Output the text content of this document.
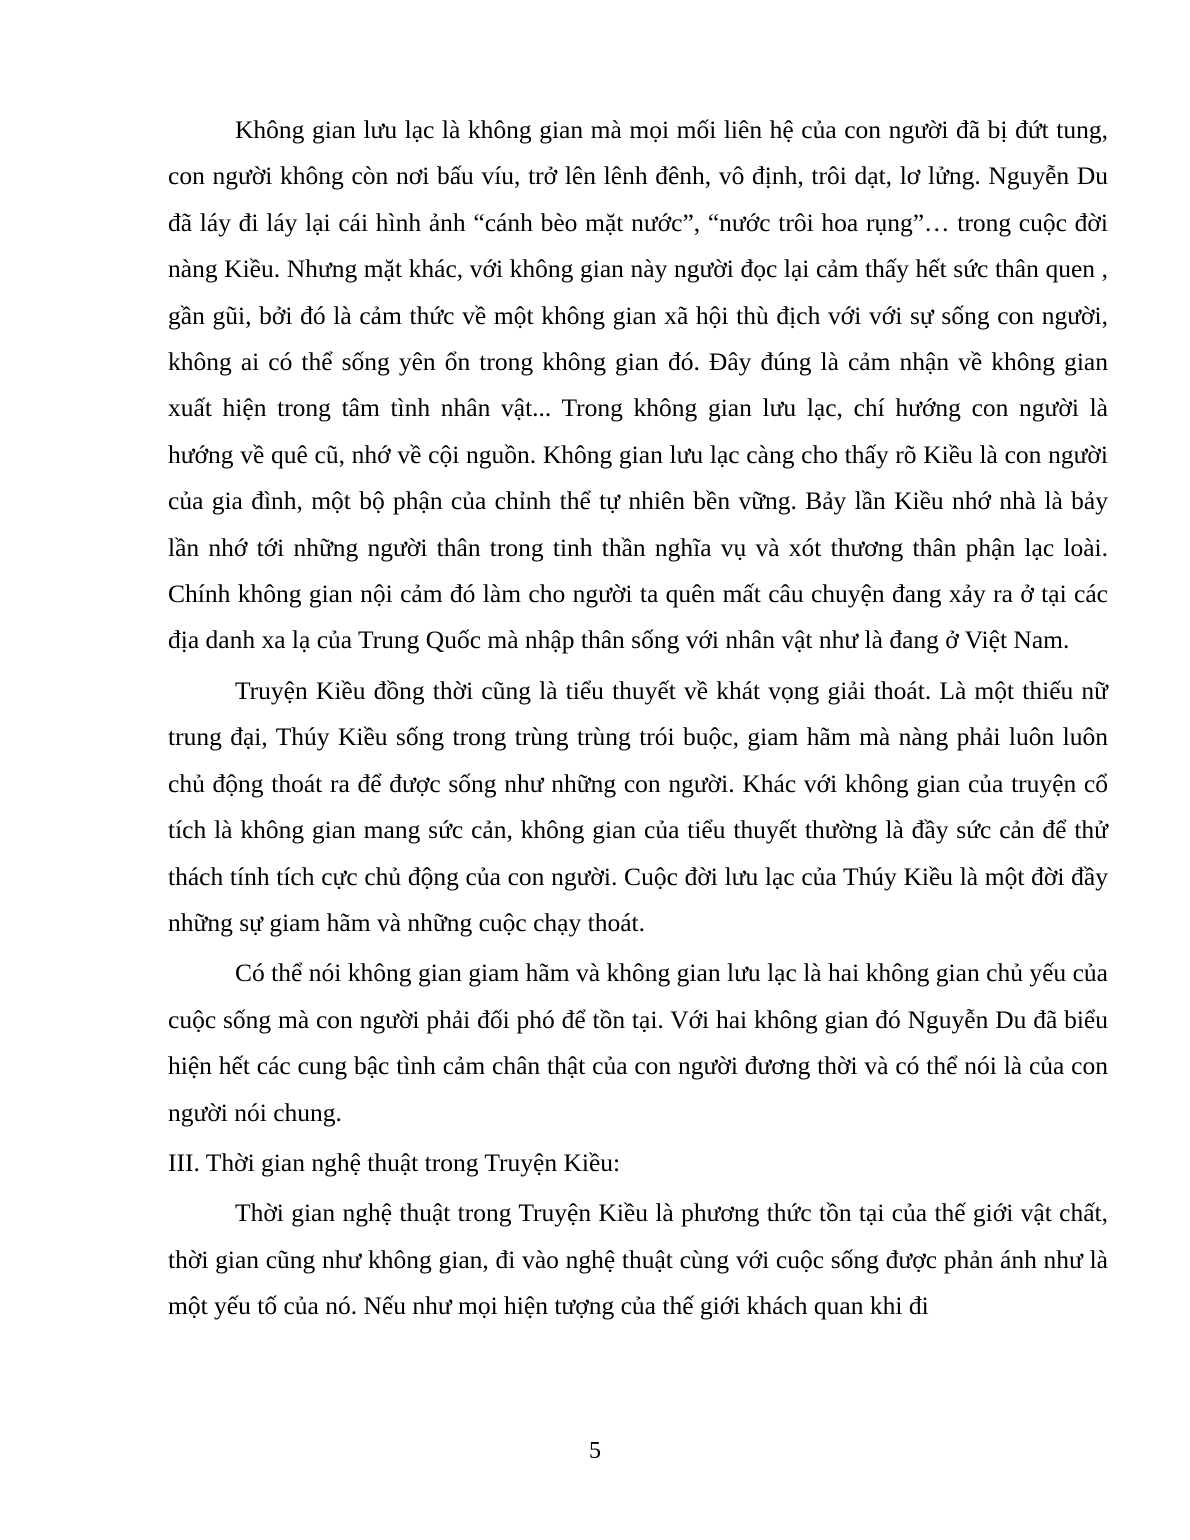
Không gian lưu lạc là không gian mà mọi mối liên hệ của con người đã bị đứt tung, con người không còn nơi bấu víu, trở lên lênh đênh, vô định, trôi dạt, lơ lửng. Nguyễn Du đã láy đi láy lại cái hình ảnh “cánh bèo mặt nước”, “nước trôi hoa rụng”… trong cuộc đời nàng Kiều. Nhưng mặt khác, với không gian này người đọc lại cảm thấy hết sức thân quen , gần gũi, bởi đó là cảm thức về một không gian xã hội thù địch với với sự sống con người, không ai có thể sống yên ổn trong không gian đó. Đây đúng là cảm nhận về không gian xuất hiện trong tâm tình nhân vật... Trong không gian lưu lạc, chí hướng con người là hướng về quê cũ, nhớ về cội nguồn. Không gian lưu lạc càng cho thấy rõ Kiều là con người của gia đình, một bộ phận của chỉnh thể tự nhiên bền vững. Bảy lần Kiều nhớ nhà là bảy lần nhớ tới những người thân trong tinh thần nghĩa vụ và xót thương thân phận lạc loài. Chính không gian nội cảm đó làm cho người ta quên mất câu chuyện đang xảy ra ở tại các địa danh xa lạ của Trung Quốc mà nhập thân sống với nhân vật như là đang ở Việt Nam.

Truyện Kiều đồng thời cũng là tiểu thuyết về khát vọng giải thoát. Là một thiếu nữ trung đại, Thúy Kiều sống trong trùng trùng trói buộc, giam hãm mà nàng phải luôn luôn chủ động thoát ra để được sống như những con người. Khác với không gian của truyện cổ tích là không gian mang sức cản, không gian của tiểu thuyết thường là đầy sức cản để thử thách tính tích cực chủ động của con người. Cuộc đời lưu lạc của Thúy Kiều là một đời đầy những sự giam hãm và những cuộc chạy thoát.

Có thể nói không gian giam hãm và không gian lưu lạc là hai không gian chủ yếu của cuộc sống mà con người phải đối phó để tồn tại. Với hai không gian đó Nguyễn Du đã biểu hiện hết các cung bậc tình cảm chân thật của con người đương thời và có thể nói là của con người nói chung.

III. Thời gian nghệ thuật trong Truyện Kiều:

Thời gian nghệ thuật trong Truyện Kiều là phương thức tồn tại của thế giới vật chất, thời gian cũng như không gian, đi vào nghệ thuật cùng với cuộc sống được phản ánh như là một yếu tố của nó. Nếu như mọi hiện tượng của thế giới khách quan khi đi

5
